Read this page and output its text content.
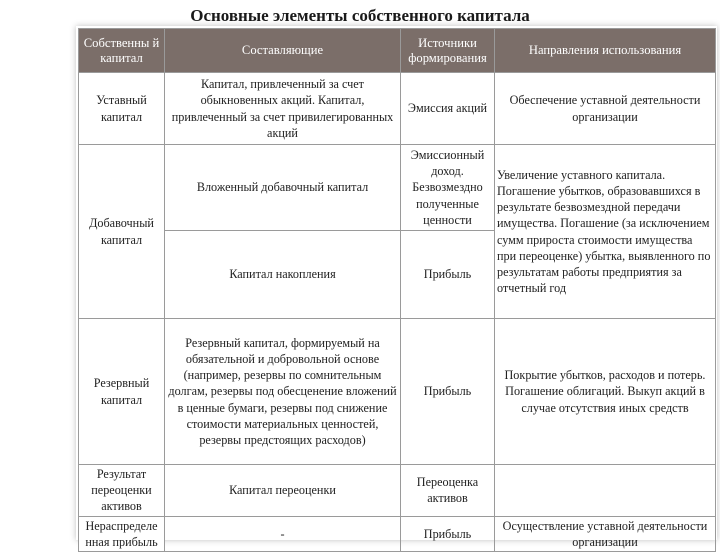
Основные элементы собственного капитала
Собственны й капитал	Составляющие	Источники формирования	Направления использования
Уставный капитал	Капитал, привлеченный за счет обыкновенных акций. Капитал, привлеченный за счет привилегированных акций	Эмиссия акций	Обеспечение уставной деятельности организации
Добавочный капитал	Вложенный добавочный капитал	Эмиссионный доход. Безвозмездно полученные ценности	Увеличение уставного капитала. Погашение убытков, образовавшихся в результате безвозмездной передачи имущества. Погашение (за исключением сумм прироста стоимости имущества при переоценке) убытка, выявленного по результатам работы предприятия за отчетный год
	Капитал накопления	Прибыль	
Резервный капитал	Резервный капитал, формируемый на обязательной и добровольной основе (например, резервы по сомнительным долгам, резервы под обесценение вложений в ценные бумаги, резервы под снижение стоимости материальных ценностей, резервы предстоящих расходов)	Прибыль	Покрытие убытков, расходов и потерь. Погашение облигаций. Выкуп акций в случае отсутствия иных средств
Результат переоценки активов	Капитал переоценки	Переоценка активов	
Нераспределе нная прибыль	-	Прибыль	Осуществление уставной деятельности организации
